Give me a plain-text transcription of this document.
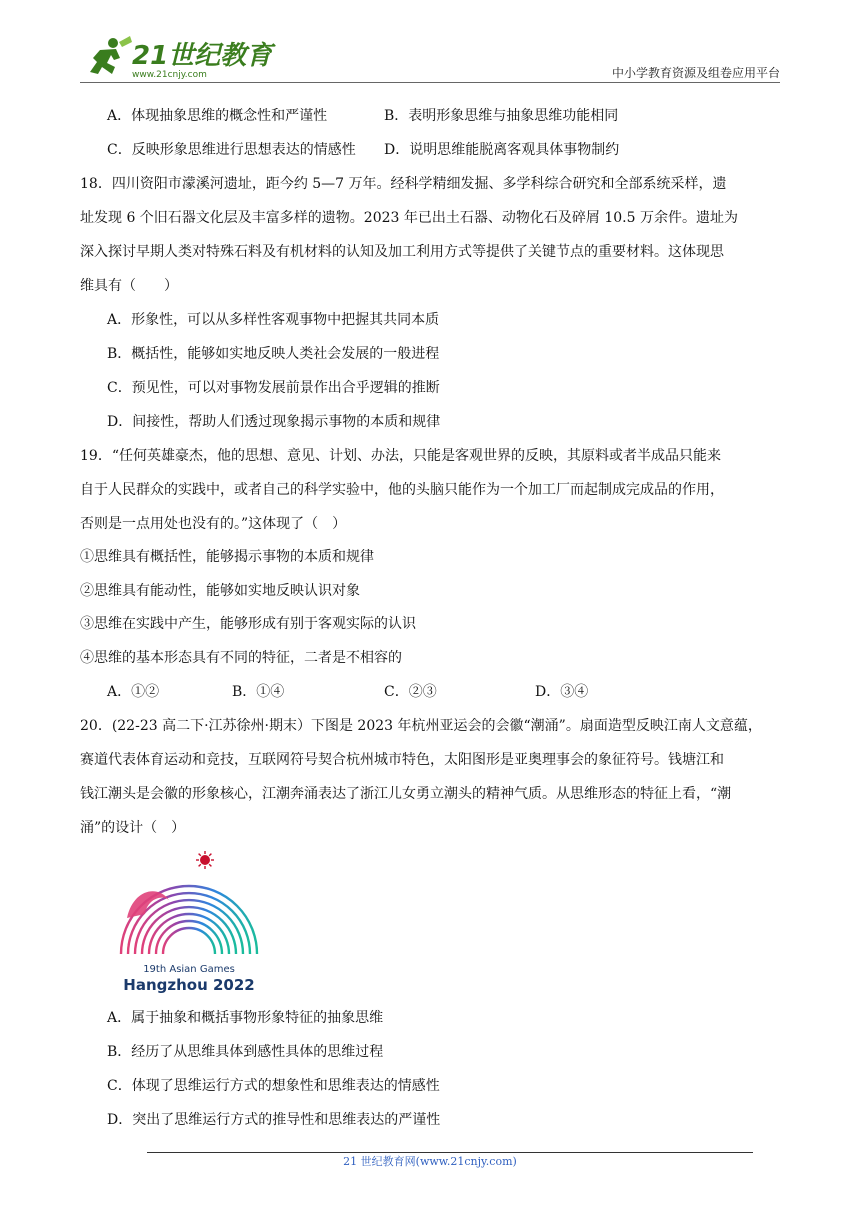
21世纪教育
www.21cnjy.com	中小学教育资源及组卷应用平台
A．体现抽象思维的概念性和严谨性	B．表明形象思维与抽象思维功能相同
C．反映形象思维进行思想表达的情感性 D．说明思维能脱离客观具体事物制约
18．四川资阳市濛溪河遗址，距今约 5—7 万年。经科学精细发掘、多学科综合研究和全部系统采样，遗
址发现 6 个旧石器文化层及丰富多样的遗物。2023 年已出土石器、动物化石及碎屑 10.5 万余件。遗址为
深入探讨早期人类对特殊石料及有机材料的认知及加工利用方式等提供了关键节点的重要材料。这体现思
维具有（　　）
A．形象性，可以从多样性客观事物中把握其共同本质
B．概括性，能够如实地反映人类社会发展的一般进程
C．预见性，可以对事物发展前景作出合乎逻辑的推断
D．间接性，帮助人们透过现象揭示事物的本质和规律
19．“任何英雄豪杰，他的思想、意见、计划、办法，只能是客观世界的反映，其原料或者半成品只能来
自于人民群众的实践中，或者自己的科学实验中，他的头脑只能作为一个加工厂而起制成完成品的作用，
否则是一点用处也没有的。”这体现了（　）
①思维具有概括性，能够揭示事物的本质和规律
②思维具有能动性，能够如实地反映认识对象
③思维在实践中产生，能够形成有别于客观实际的认识
④思维的基本形态具有不同的特征，二者是不相容的
A．①②	B．①④	C．②③	D．③④
20．(22-23 高二下·江苏徐州·期末）下图是 2023 年杭州亚运会的会徽“潮涌”。扇面造型反映江南人文意蕴，
赛道代表体育运动和竞技，互联网符号契合杭州城市特色，太阳图形是亚奥理事会的象征符号。钱塘江和
钱江潮头是会徽的形象核心，江潮奔涌表达了浙江儿女勇立潮头的精神气质。从思维形态的特征上看，“潮
涌”的设计（　）
19th Asian Games
Hangzhou 2022
A．属于抽象和概括事物形象特征的抽象思维
B．经历了从思维具体到感性具体的思维过程
C．体现了思维运行方式的想象性和思维表达的情感性
D．突出了思维运行方式的推导性和思维表达的严谨性
21 世纪教育网(www.21cnjy.com)
